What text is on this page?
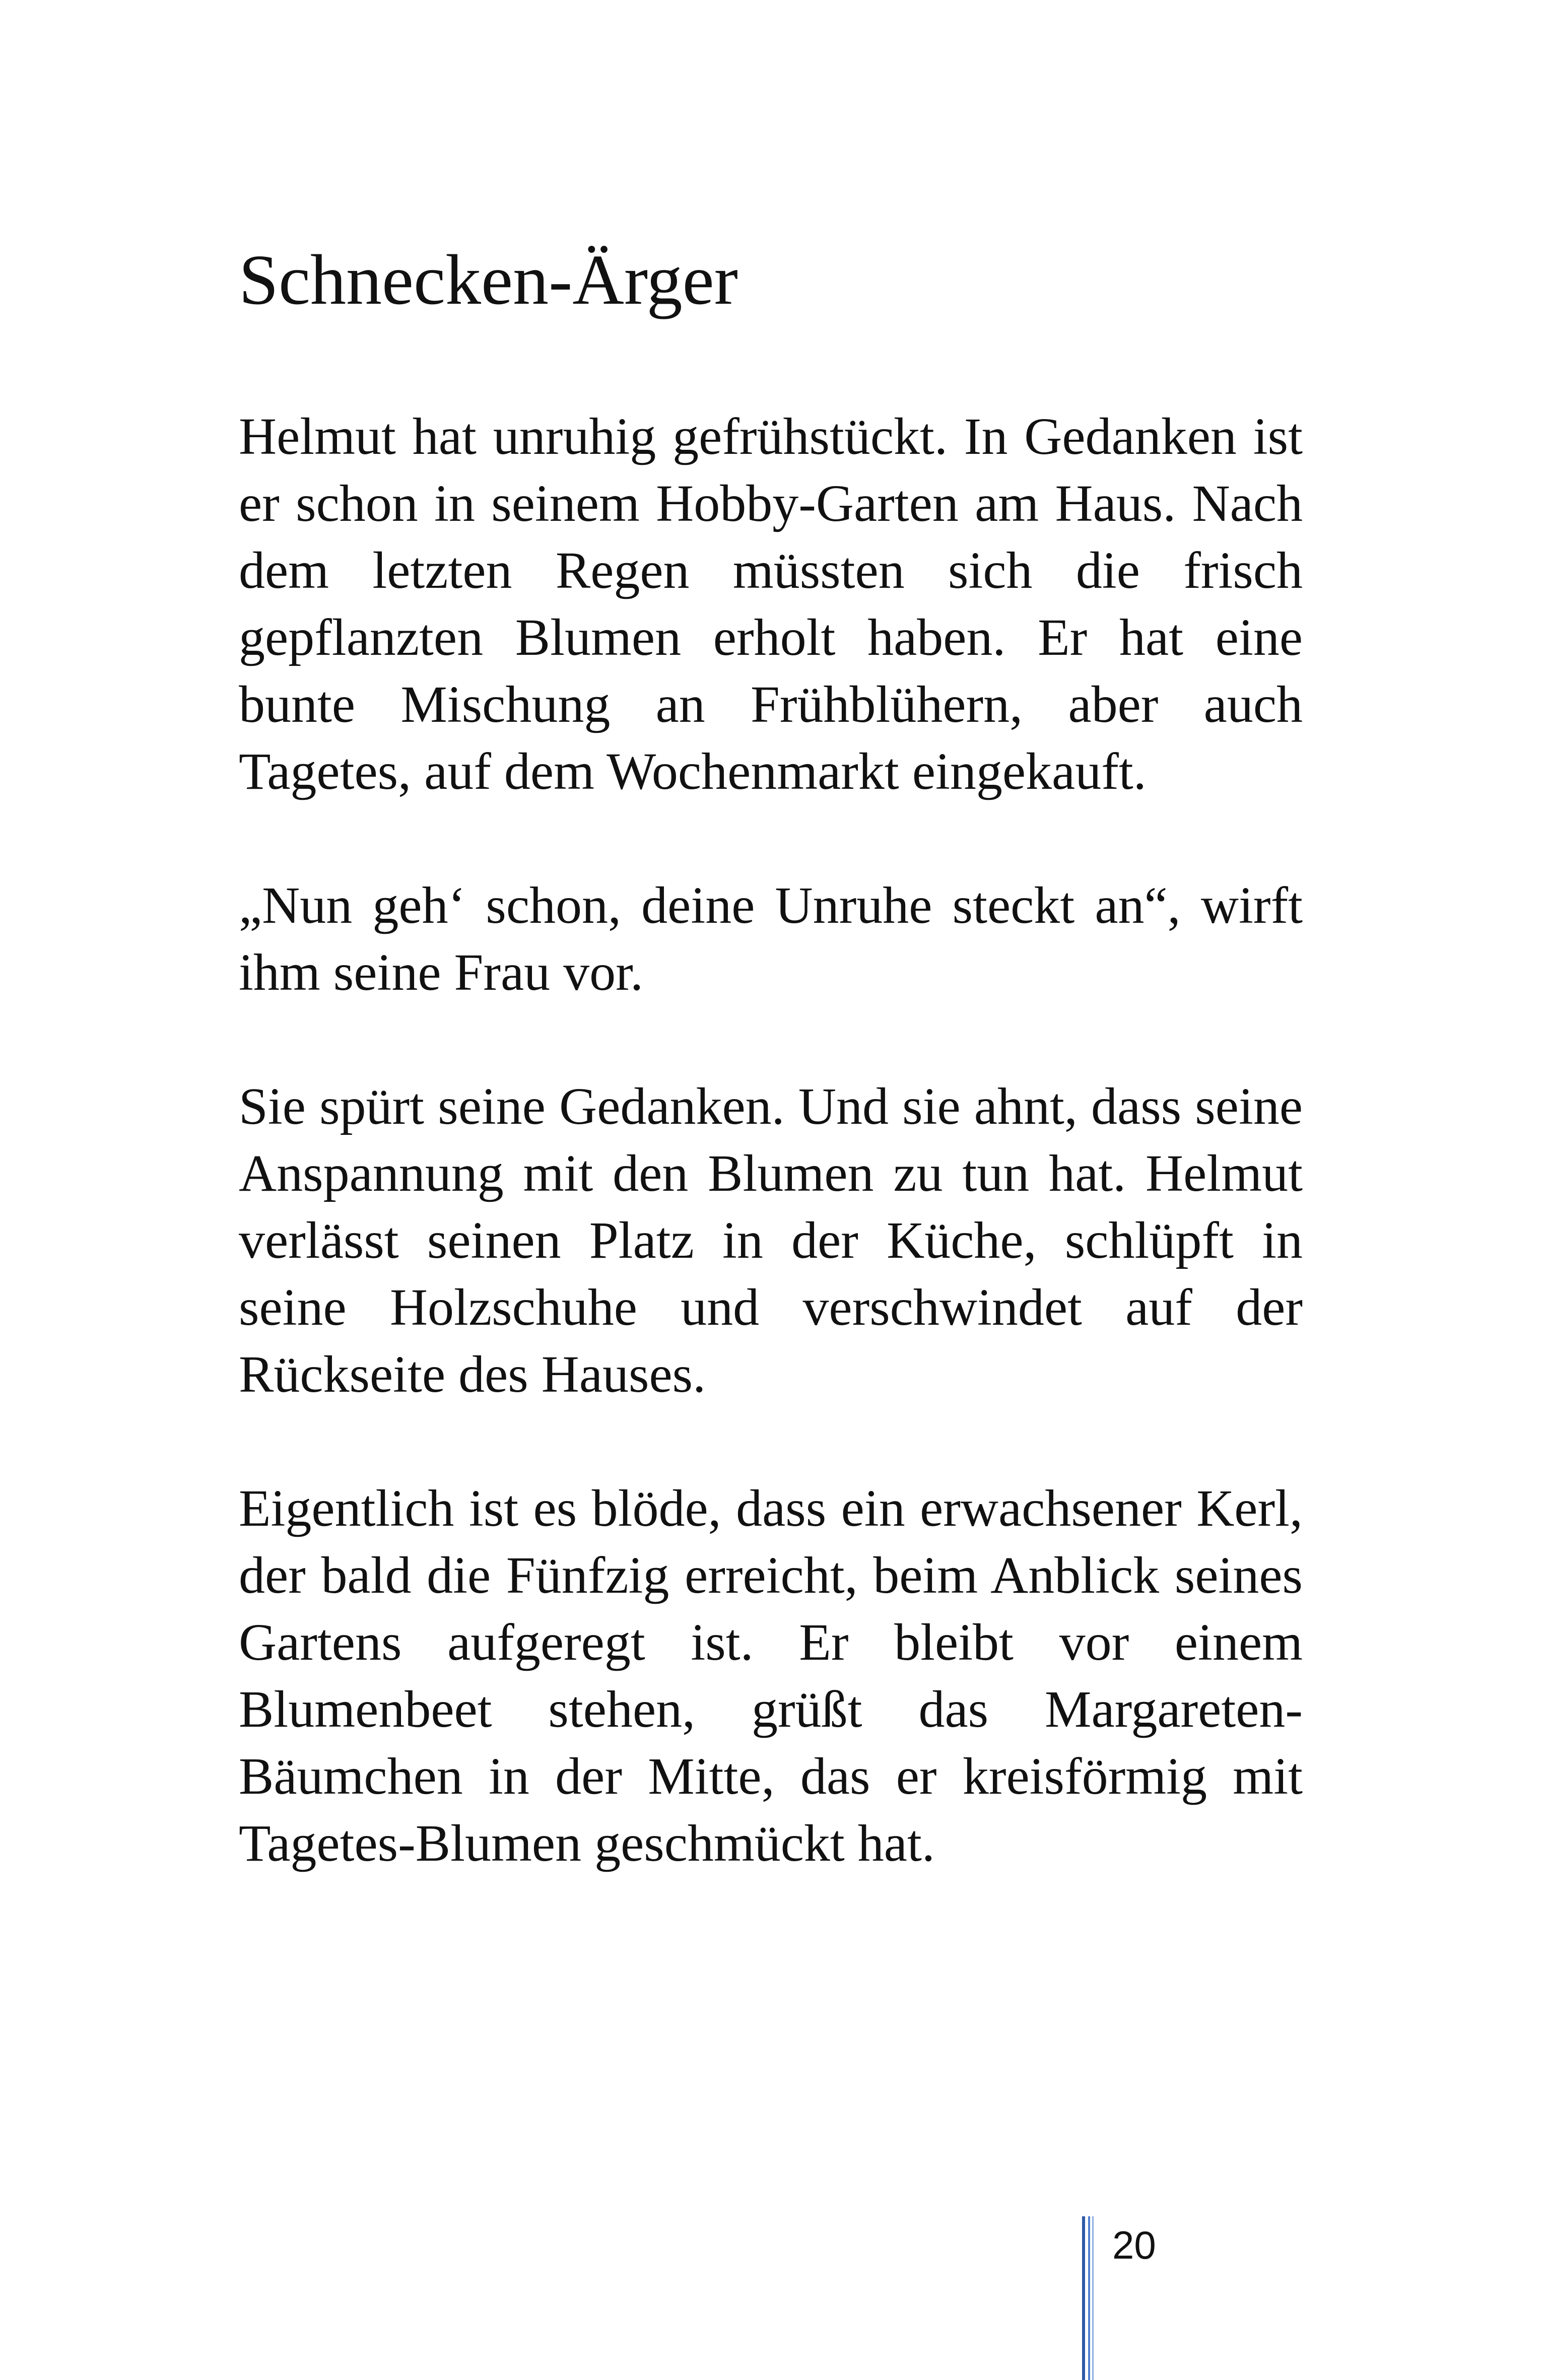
Schnecken-Ärger

Helmut hat unruhig gefrühstückt. In Gedanken ist er schon in seinem Hobby-Garten am Haus. Nach dem letzten Regen müssten sich die frisch gepflanzten Blumen erholt haben. Er hat eine bunte Mischung an Frühblühern, aber auch Tagetes, auf dem Wochenmarkt eingekauft.

„Nun geh‘ schon, deine Unruhe steckt an“, wirft ihm seine Frau vor.

Sie spürt seine Gedanken. Und sie ahnt, dass seine Anspannung mit den Blumen zu tun hat. Helmut verlässt seinen Platz in der Küche, schlüpft in seine Holzschuhe und verschwindet auf der Rückseite des Hauses.

Eigentlich ist es blöde, dass ein erwachsener Kerl, der bald die Fünfzig erreicht, beim Anblick seines Gartens aufgeregt ist. Er bleibt vor einem Blumenbeet stehen, grüßt das Margareten-Bäumchen in der Mitte, das er kreisförmig mit Tagetes-Blumen geschmückt hat.

20
